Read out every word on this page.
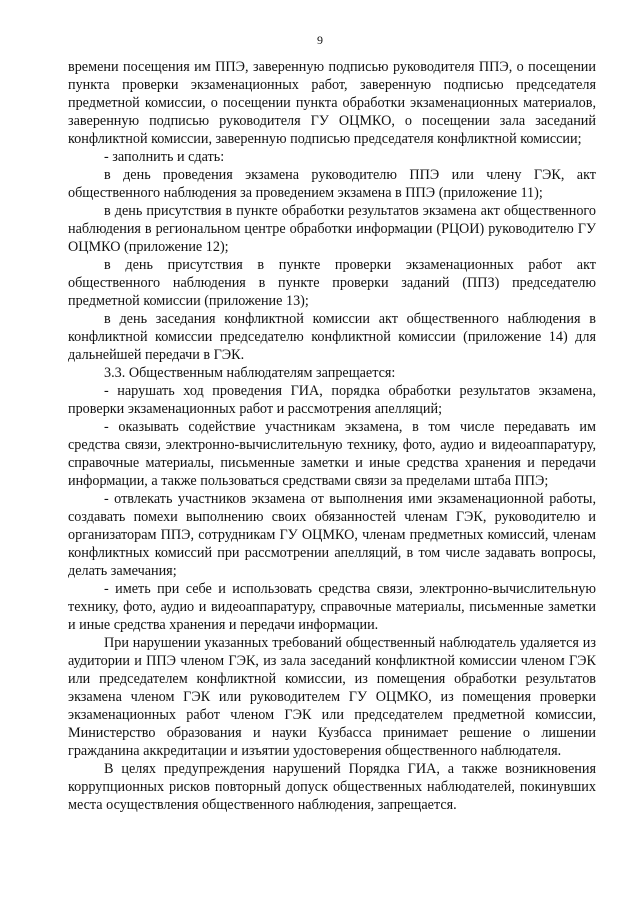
9

времени посещения им ППЭ, заверенную подписью руководителя ППЭ, о посещении пункта проверки экзаменационных работ, заверенную подписью председателя предметной комиссии, о посещении пункта обработки экзаменационных материалов, заверенную подписью руководителя ГУ ОЦМКО, о посещении зала заседаний конфликтной комиссии, заверенную подписью председателя конфликтной комиссии;

- заполнить и сдать:

в день проведения экзамена руководителю ППЭ или члену ГЭК, акт общественного наблюдения за проведением экзамена в ППЭ (приложение 11);

в день присутствия в пункте обработки результатов экзамена акт общественного наблюдения в региональном центре обработки информации (РЦОИ) руководителю ГУ ОЦМКО (приложение 12);

в день присутствия в пункте проверки экзаменационных работ акт общественного наблюдения в пункте проверки заданий (ППЗ) председателю предметной комиссии (приложение 13);

в день заседания конфликтной комиссии акт общественного наблюдения в конфликтной комиссии председателю конфликтной комиссии (приложение 14) для дальнейшей передачи в ГЭК.

3.3. Общественным наблюдателям запрещается:

- нарушать ход проведения ГИА, порядка обработки результатов экзамена, проверки экзаменационных работ и рассмотрения апелляций;

- оказывать содействие участникам экзамена, в том числе передавать им средства связи, электронно-вычислительную технику, фото, аудио и видеоаппаратуру, справочные материалы, письменные заметки и иные средства хранения и передачи информации, а также пользоваться средствами связи за пределами штаба ППЭ;

- отвлекать участников экзамена от выполнения ими экзаменационной работы, создавать помехи выполнению своих обязанностей членам ГЭК, руководителю и организаторам ППЭ, сотрудникам ГУ ОЦМКО, членам предметных комиссий, членам конфликтных комиссий при рассмотрении апелляций, в том числе задавать вопросы, делать замечания;

- иметь при себе и использовать средства связи, электронно-вычислительную технику, фото, аудио и видеоаппаратуру, справочные материалы, письменные заметки и иные средства хранения и передачи информации.

При нарушении указанных требований общественный наблюдатель удаляется из аудитории и ППЭ членом ГЭК, из зала заседаний конфликтной комиссии членом ГЭК или председателем конфликтной комиссии, из помещения обработки результатов экзамена членом ГЭК или руководителем ГУ ОЦМКО, из помещения проверки экзаменационных работ членом ГЭК или председателем предметной комиссии, Министерство образования и науки Кузбасса принимает решение о лишении гражданина аккредитации и изъятии удостоверения общественного наблюдателя.

В целях предупреждения нарушений Порядка ГИА, а также возникновения коррупционных рисков повторный допуск общественных наблюдателей, покинувших места осуществления общественного наблюдения, запрещается.
